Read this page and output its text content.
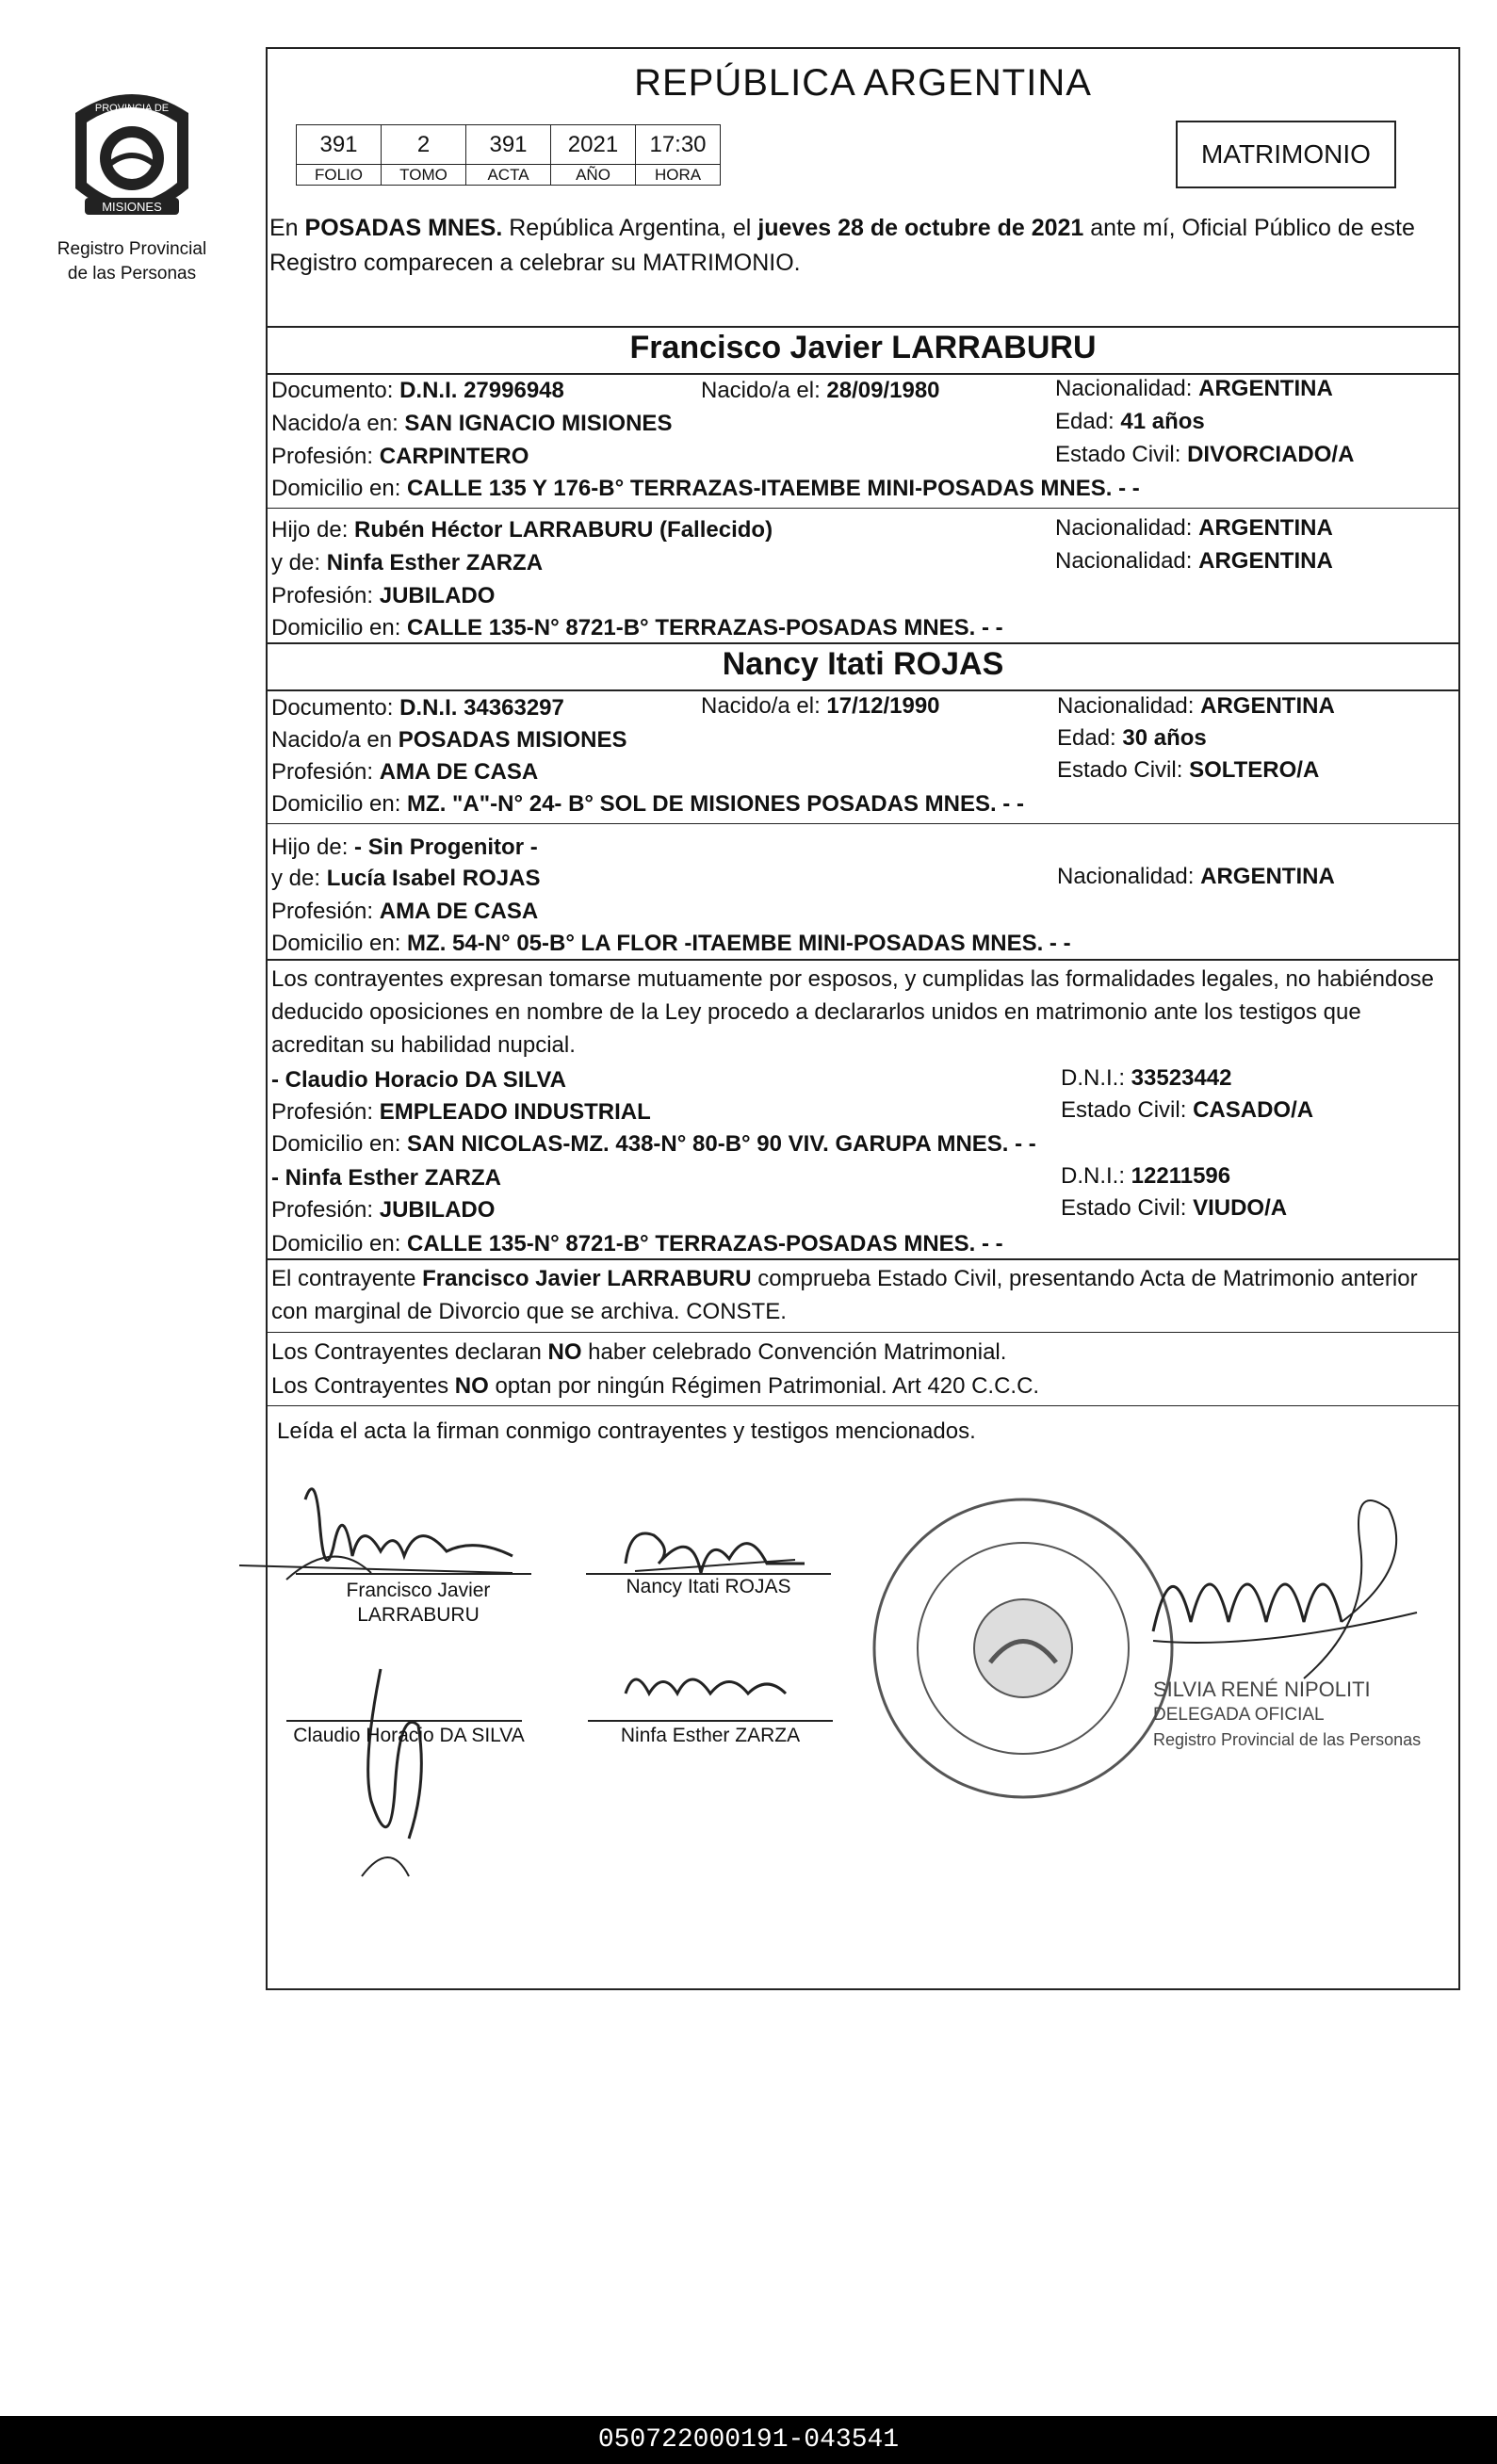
MISIONES
PROVINCIA DE
Registro Provincial
de las Personas
REPÚBLICA ARGENTINA
391	2	391	2021	17:30
FOLIO	TOMO	ACTA	AÑO	HORA
MATRIMONIO
En POSADAS MNES. República Argentina, el jueves 28 de octubre de 2021 ante mí, Oficial Público de este Registro comparecen a celebrar su MATRIMONIO.
Francisco Javier LARRABURU
Documento: D.N.I. 27996948	Nacido/a el: 28/09/1980	Nacionalidad: ARGENTINA
Nacido/a en: SAN IGNACIO MISIONES	Edad: 41 años
Profesión: CARPINTERO	Estado Civil: DIVORCIADO/A
Domicilio en: CALLE 135 Y 176-B° TERRAZAS-ITAEMBE MINI-POSADAS MNES. - -
Hijo de: Rubén Héctor LARRABURU (Fallecido)	Nacionalidad: ARGENTINA
y de: Ninfa Esther ZARZA	Nacionalidad: ARGENTINA
Profesión: JUBILADO
Domicilio en: CALLE 135-N° 8721-B° TERRAZAS-POSADAS MNES. - -
Nancy Itati ROJAS
Documento: D.N.I. 34363297	Nacido/a el: 17/12/1990	Nacionalidad: ARGENTINA
Nacido/a en POSADAS MISIONES	Edad: 30 años
Profesión: AMA DE CASA	Estado Civil: SOLTERO/A
Domicilio en: MZ. "A"-N° 24- B° SOL DE MISIONES POSADAS MNES. - -
Hijo de: - Sin Progenitor -
y de: Lucía Isabel ROJAS	Nacionalidad: ARGENTINA
Profesión: AMA DE CASA
Domicilio en: MZ. 54-N° 05-B° LA FLOR -ITAEMBE MINI-POSADAS MNES. - -
Los contrayentes expresan tomarse mutuamente por esposos, y cumplidas las formalidades legales, no habiéndose deducido oposiciones en nombre de la Ley procedo a declararlos unidos en matrimonio ante los testigos que acreditan su habilidad nupcial.
- Claudio Horacio DA SILVA	D.N.I.: 33523442
Profesión: EMPLEADO INDUSTRIAL	Estado Civil: CASADO/A
Domicilio en: SAN NICOLAS-MZ. 438-N° 80-B° 90 VIV. GARUPA MNES. - -
- Ninfa Esther ZARZA	D.N.I.: 12211596
Profesión: JUBILADO	Estado Civil: VIUDO/A
Domicilio en: CALLE 135-N° 8721-B° TERRAZAS-POSADAS MNES. - -
El contrayente Francisco Javier LARRABURU comprueba Estado Civil, presentando Acta de Matrimonio anterior con marginal de Divorcio que se archiva. CONSTE.
Los Contrayentes declaran NO haber celebrado Convención Matrimonial.
Los Contrayentes NO optan por ningún Régimen Patrimonial. Art 420 C.C.C.
Leída el acta la firman conmigo contrayentes y testigos mencionados.
Francisco Javier
LARRABURU
Nancy Itati ROJAS
Claudio Horacio DA SILVA	Ninfa Esther ZARZA
SILVIA RENÉ NIPOLITI
DELEGADA OFICIAL
Registro Provincial de las Personas
050722000191-043541
